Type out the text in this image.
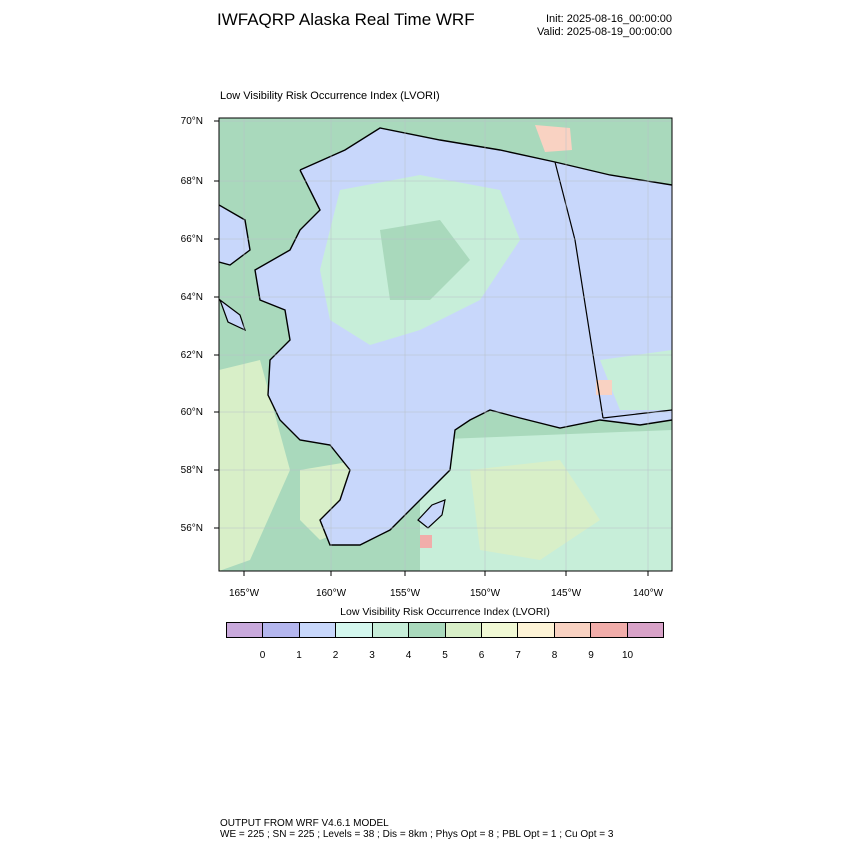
IWFAQRP Alaska Real Time WRF	Init: 2025-08-16_00:00:00
Valid: 2025-08-19_00:00:00
Low Visibility Risk Occurrence Index (LVORI)
70°N
68°N
66°N
64°N
62°N
60°N
58°N
56°N
165°W	160°W	155°W	150°W	145°W	140°W
Low Visibility Risk Occurrence Index (LVORI)
0	1	2	3	4	5	6	7	8	9	10
OUTPUT FROM WRF V4.6.1 MODEL
WE = 225 ; SN = 225 ; Levels = 38 ; Dis = 8km ; Phys Opt = 8 ; PBL Opt = 1 ; Cu Opt = 3
